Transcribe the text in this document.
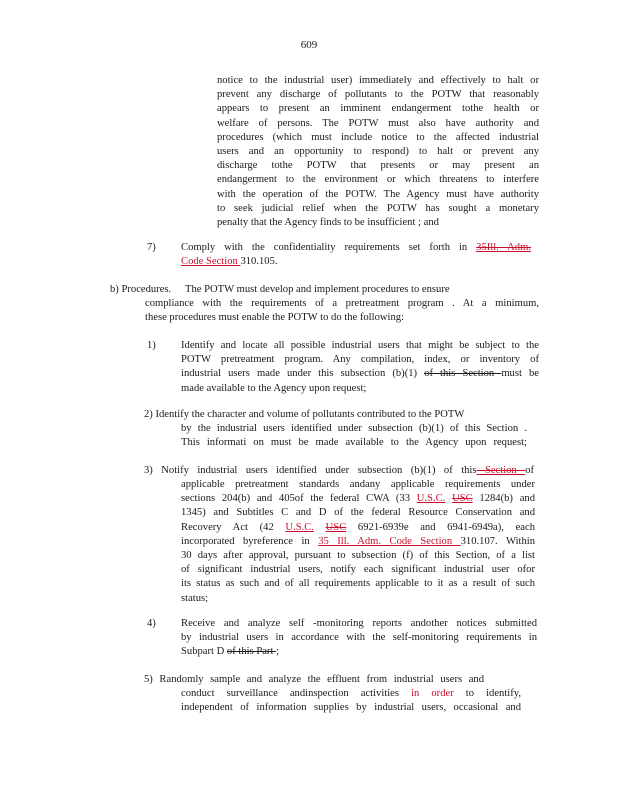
609
notice to the industrial user) immediately and effectively to halt or
prevent any discharge of pollutants to the POTW that reasonably
appears to present an imminent endangerment tothe health or
welfare of persons. The POTW must also have authority and
procedures (which must include notice to the affected industrial
users and an opportunity to respond) to halt or prevent any
discharge tothe POTW that presents or may present an
endangerment to the environment or which threatens to interfere
with the operation of the POTW. The Agency must have authority
to seek judicial relief when the POTW has sought a monetary
penalty that the Agency finds to be insufficient ; and
7) Comply with the confidentiality requirements set forth in 35Ill. Adm.
Code Section 310.105.
b) Procedures. The POTW must develop and implement procedures to ensure
compliance with the requirements of a pretreatment program . At a minimum,
these procedures must enable the POTW to do the following:
1) Identify and locate all possible industrial users that might be subject to the
POTW pretreatment program. Any compilation, index, or inventory of
industrial users made under this subsection (b)(1) of this Section must be
made available to the Agency upon request;
2) Identify the character and volume of pollutants contributed to the POTW
by the industrial users identified under subsection (b)(1) of this Section .
This informati on must be made available to the Agency upon request;
3) Notify industrial users identified under subsection (b)(1) of this Section of
applicable pretreatment standards andany applicable requirements under
sections 204(b) and 405of the federal CWA (33 U.S.C. USC 1284(b) and
1345) and Subtitles C and D of the federal Resource Conservation and
Recovery Act (42 U.S.C. USC 6921-6939e and 6941-6949a), each
incorporated byreference in 35 Ill. Adm. Code Section 310.107. Within
30 days after approval, pursuant to subsection (f) of this Section, of a list
of significant industrial users, notify each significant industrial user ofor
its status as such and of all requirements applicable to it as a result of such
status;
4) Receive and analyze self -monitoring reports andother notices submitted
by industrial users in accordance with the self-monitoring requirements in
Subpart D of this Part ;
5) Randomly sample and analyze the effluent from industrial users and
conduct surveillance andinspection activities in order to identify,
independent of information supplies by industrial users, occasional and
